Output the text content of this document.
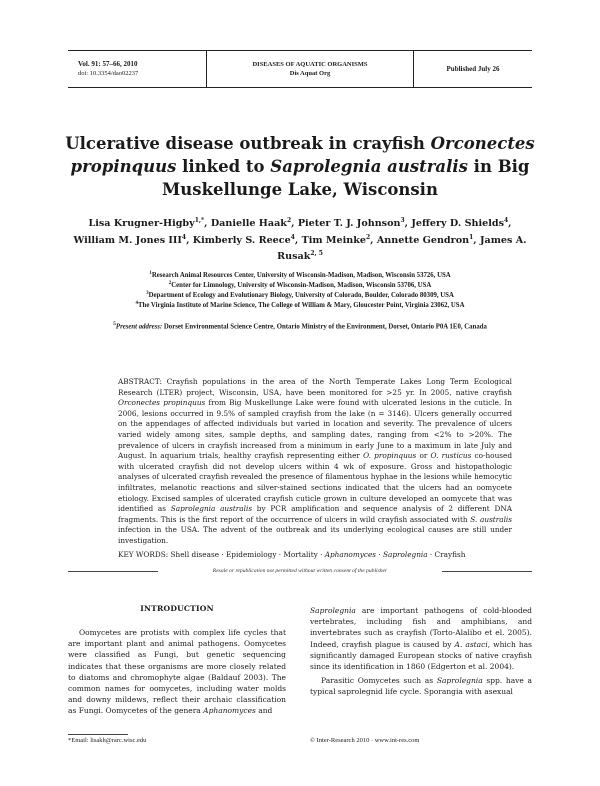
Vol. 91: 57–66, 2010
doi: 10.3354/dao02237
DISEASES OF AQUATIC ORGANISMS
Dis Aquat Org
Published July 26
Ulcerative disease outbreak in crayfish Orconectes propinquus linked to Saprolegnia australis in Big Muskellunge Lake, Wisconsin
Lisa Krugner-Higby$^{1,*}$, Danielle Haak$^2$, Pieter T. J. Johnson$^3$, Jeffery D. Shields$^4$, William M. Jones III$^4$, Kimberly S. Reece$^4$, Tim Meinke$^2$, Annette Gendron$^1$, James A. Rusak$^{2, 5}$
$^1$Research Animal Resources Center, University of Wisconsin-Madison, Madison, Wisconsin 53726, USA
$^2$Center for Limnology, University of Wisconsin-Madison, Madison, Wisconsin 53706, USA
$^3$Department of Ecology and Evolutionary Biology, University of Colorado, Boulder, Colorado 80309, USA
$^4$The Virginia Institute of Marine Science, The College of William & Mary, Gloucester Point, Virginia 23062, USA
$^5$Present address: Dorset Environmental Science Centre, Ontario Ministry of the Environment, Dorset, Ontario P0A 1E0, Canada
ABSTRACT: Crayfish populations in the area of the North Temperate Lakes Long Term Ecological Research (LTER) project, Wisconsin, USA, have been monitored for >25 yr. In 2005, native crayfish Orconectes propinquus from Big Muskellunge Lake were found with ulcerated lesions in the cuticle. In 2006, lesions occurred in 9.5% of sampled crayfish from the lake (n = 3146). Ulcers generally occurred on the appendages of affected individuals but varied in location and severity. The prevalence of ulcers varied widely among sites, sample depths, and sampling dates, ranging from <2% to >20%. The prevalence of ulcers in crayfish increased from a minimum in early June to a maximum in late July and August. In aquarium trials, healthy crayfish representing either O. propinquus or O. rusticus co-housed with ulcerated crayfish did not develop ulcers within 4 wk of exposure. Gross and histopathologic analyses of ulcerated crayfish revealed the presence of filamentous hyphae in the lesions while hemocytic infiltrates, melanotic reactions and silver-stained sections indicated that the ulcers had an oomycete etiology. Excised samples of ulcerated crayfish cuticle grown in culture developed an oomycete that was identified as Saprolegnia australis by PCR amplification and sequence analysis of 2 different DNA fragments. This is the first report of the occurrence of ulcers in wild crayfish associated with S. australis infection in the USA. The advent of the outbreak and its underlying ecological causes are still under investigation.
KEY WORDS: Shell disease · Epidemiology · Mortality · Aphanomyces · Saprolegnia · Crayfish
Resale or republication not permitted without written consent of the publisher
INTRODUCTION

Oomycetes are protists with complex life cycles that are important plant and animal pathogens. Oomycetes were classified as Fungi, but genetic sequencing indicates that these organisms are more closely related to diatoms and chromophyte algae (Baldauf 2003). The common names for oomycetes, including water molds and downy mildews, reflect their archaic classification as Fungi. Oomycetes of the genera Aphanomyces and

Saprolegnia are important pathogens of cold-blooded vertebrates, including fish and amphibians, and invertebrates such as crayfish (Torto-Alalibo et el. 2005). Indeed, crayfish plague is caused by A. astaci, which has significantly damaged European stocks of native crayfish since its identification in 1860 (Edgerton et al. 2004).

Parasitic Oomycetes such as Saprolegnia spp. have a typical saprolegnid life cycle. Sporangia with asexual

*Email: lisakh@rarc.wisc.edu	© Inter-Research 2010 · www.int-res.com
